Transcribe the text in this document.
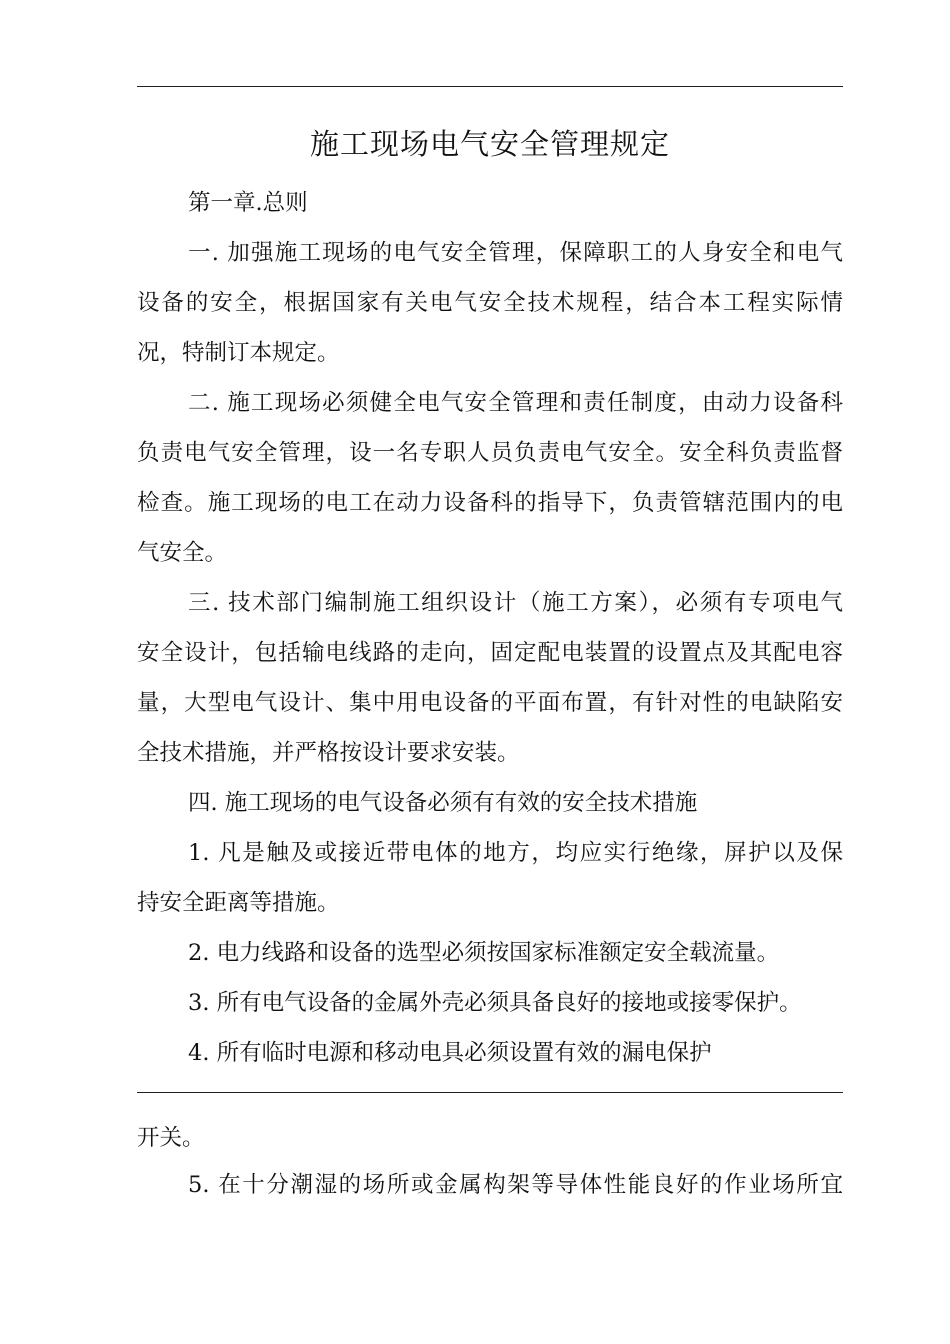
施工现场电气安全管理规定
第一章.总则
一. 加强施工现场的电气安全管理，保障职工的人身安全和电气
设备的安全，根据国家有关电气安全技术规程，结合本工程实际情
况，特制订本规定。
二. 施工现场必须健全电气安全管理和责任制度，由动力设备科
负责电气安全管理，设一名专职人员负责电气安全。安全科负责监督
检查。施工现场的电工在动力设备科的指导下，负责管辖范围内的电
气安全。
三. 技术部门编制施工组织设计（施工方案），必须有专项电气
安全设计，包括输电线路的走向，固定配电装置的设置点及其配电容
量，大型电气设计、集中用电设备的平面布置，有针对性的电缺陷安
全技术措施，并严格按设计要求安装。
四. 施工现场的电气设备必须有有效的安全技术措施
1. 凡是触及或接近带电体的地方，均应实行绝缘，屏护以及保
持安全距离等措施。
2. 电力线路和设备的选型必须按国家标准额定安全载流量。
3. 所有电气设备的金属外壳必须具备良好的接地或接零保护。
4. 所有临时电源和移动电具必须设置有效的漏电保护
开关。
5. 在十分潮湿的场所或金属构架等导体性能良好的作业场所宜
